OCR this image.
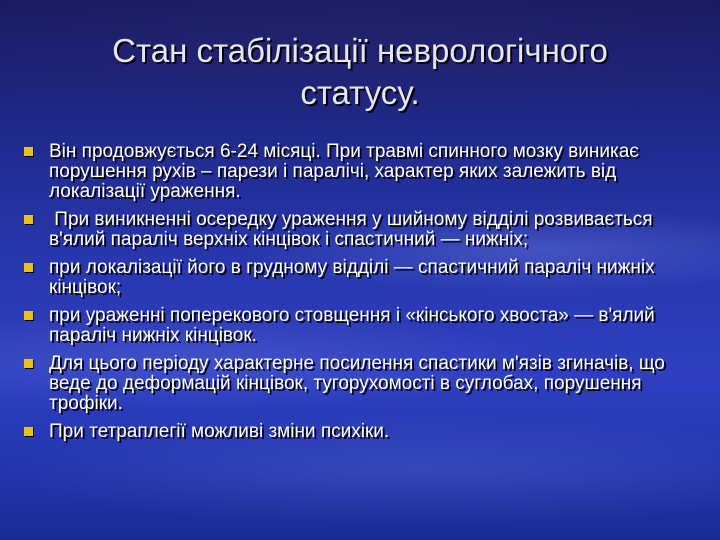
Стан стабілізації неврологічного статусу.
Він продовжується 6-24 місяці. При травмі спинного мозку виникає порушення рухів – парези і паралічі, характер яких залежить від локалізації ураження.
При виникненні осередку ураження у шийному відділі розвивається в'ялий параліч верхніх кінцівок і спастичний — нижніх;
при локалізації його в грудному відділі — спастичний параліч нижніх кінцівок;
при ураженні поперекового стовщення і «кінського хвоста» — в'ялий параліч нижніх кінцівок.
Для цього періоду характерне посилення спастики м'язів згиначів, що веде до деформацій кінцівок, тугорухомості в суглобах, порушення трофіки.
При тетраплегії можливі зміни психіки.
